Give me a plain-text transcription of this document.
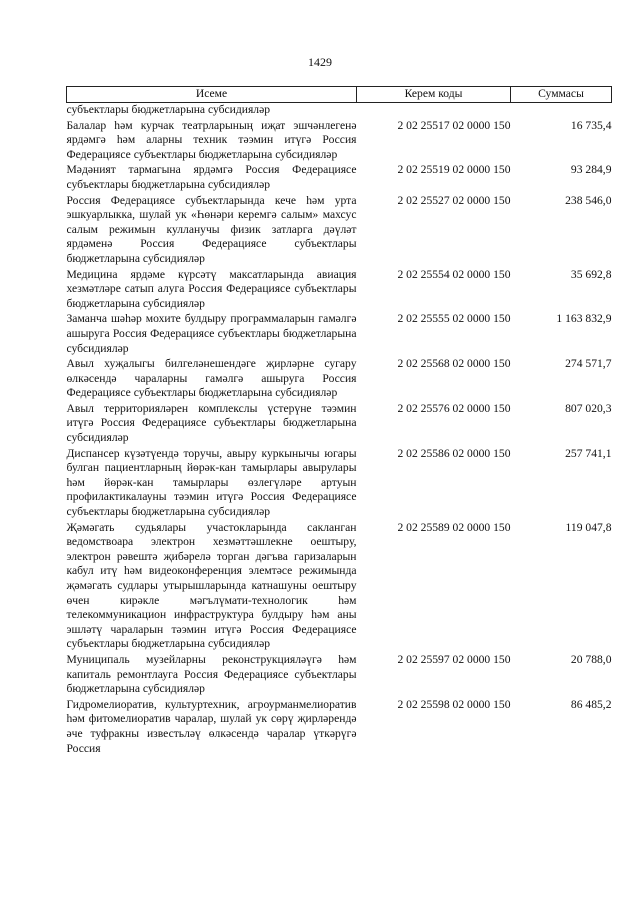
1429
Исеме	Керем коды	Суммасы
субъектлары бюджетларына субсидияләр		
Балалар һәм курчак театрларының иҗат эшчәнлегенә ярдәмгә һәм аларны техник тәэмин итүгә Россия Федерациясе субъектлары бюджетларына субсидияләр	2 02 25517 02 0000 150	16 735,4
Мәдәният тармагына ярдәмгә Россия Федерациясе субъектлары бюджетларына субсидияләр	2 02 25519 02 0000 150	93 284,9
Россия Федерациясе субъектларында кече һәм урта эшкуарлыкка, шулай ук «Һөнәри керемгә салым» махсус салым режимын кулланучы физик затларга дәүләт ярдәменә Россия Федерациясе субъектлары бюджетларына субсидияләр	2 02 25527 02 0000 150	238 546,0
Медицина ярдәме күрсәтү максатларында авиация хезмәтләре сатып алуга Россия Федерациясе субъектлары бюджетларына субсидияләр	2 02 25554 02 0000 150	35 692,8
Заманча шәһәр мохите булдыру программаларын гамәлгә ашыруга Россия Федерациясе субъектлары бюджетларына субсидияләр	2 02 25555 02 0000 150	1 163 832,9
Авыл хуҗалыгы билгеләнешендәге җирләрне сугару өлкәсендә чараларны гамәлгә ашыруга Россия Федерациясе субъектлары бюджетларына субсидияләр	2 02 25568 02 0000 150	274 571,7
Авыл территорияләрен комплекслы үстерүне тәэмин итүгә Россия Федерациясе субъектлары бюджетларына субсидияләр	2 02 25576 02 0000 150	807 020,3
Диспансер күзәтүендә торучы, авыру куркынычы югары булган пациентларның йөрәк-кан тамырлары авырулары һәм йөрәк-кан тамырлары өзлегүләре артуын профилактикалауны тәэмин итүгә Россия Федерациясе субъектлары бюджетларына субсидияләр	2 02 25586 02 0000 150	257 741,1
Җәмәгать судьялары участокларында сакланган ведомствоара электрон хезмәттәшлекне оештыру, электрон рәвештә җибәрелә торган дәгъва гаризаларын кабул итү һәм видеоконференция элемтәсе режимында җәмәгать судлары утырышларында катнашуны оештыру өчен кирәкле мәгълүмати-технологик һәм телекоммуникацион инфраструктура булдыру һәм аны эшләтү чараларын тәэмин итүгә Россия Федерациясе субъектлары бюджетларына субсидияләр	2 02 25589 02 0000 150	119 047,8
Муниципаль музейларны реконструкцияләүгә һәм капиталь ремонтлауга Россия Федерациясе субъектлары бюджетларына субсидияләр	2 02 25597 02 0000 150	20 788,0
Гидромелиоратив, культуртехник, агроурманмелиоратив һәм фитомелиоратив чаралар, шулай ук сөрү җирләрендә әче туфракны известьләү өлкәсендә чаралар үткәрүгә Россия	2 02 25598 02 0000 150	86 485,2
